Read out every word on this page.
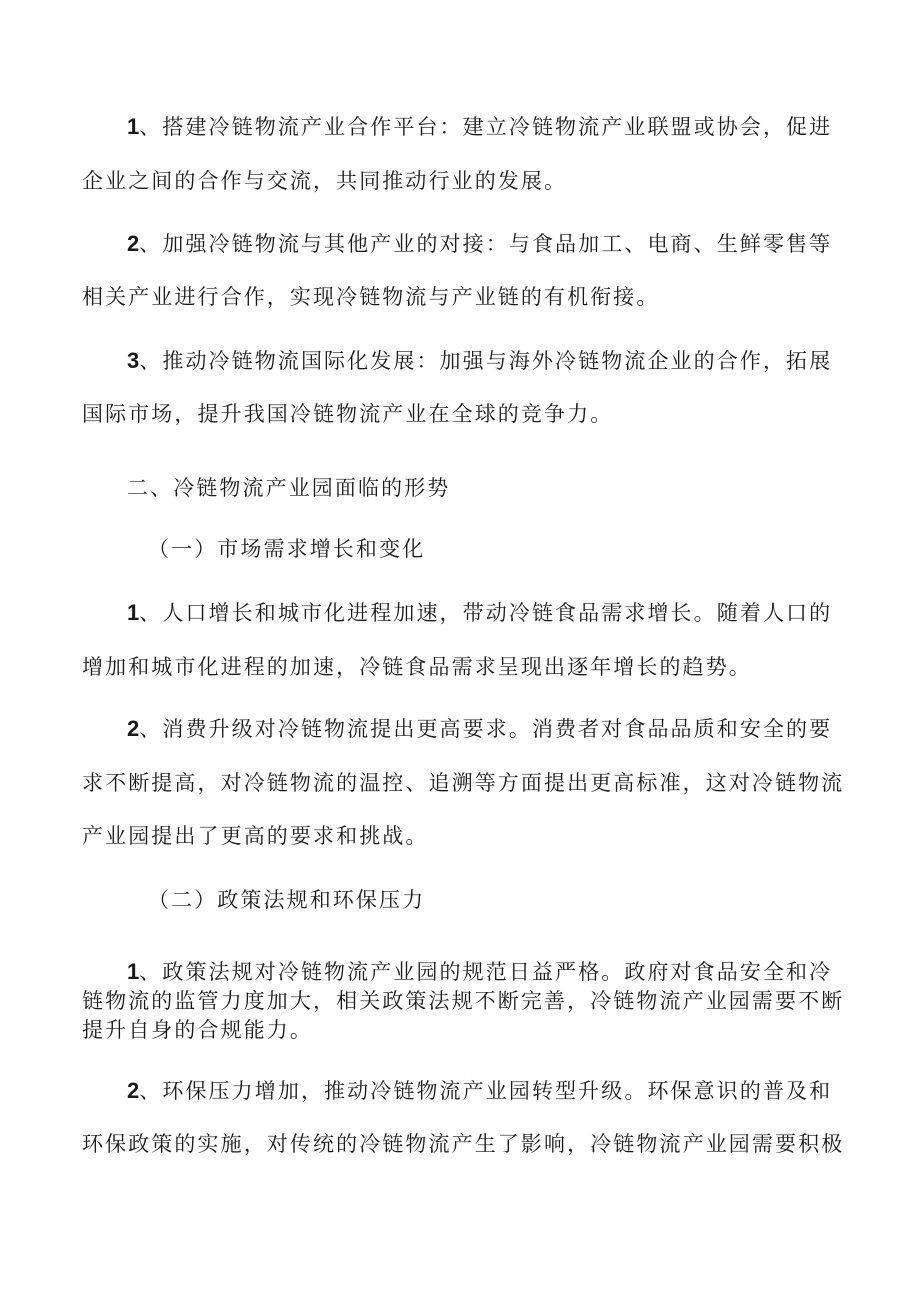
1、搭建冷链物流产业合作平台：建立冷链物流产业联盟或协会，促进
企业之间的合作与交流，共同推动行业的发展。
2、加强冷链物流与其他产业的对接：与食品加工、电商、生鲜零售等
相关产业进行合作，实现冷链物流与产业链的有机衔接。
3、推动冷链物流国际化发展：加强与海外冷链物流企业的合作，拓展
国际市场，提升我国冷链物流产业在全球的竞争力。
二、冷链物流产业园面临的形势
（一）市场需求增长和变化
1、人口增长和城市化进程加速，带动冷链食品需求增长。随着人口的
增加和城市化进程的加速，冷链食品需求呈现出逐年增长的趋势。
2、消费升级对冷链物流提出更高要求。消费者对食品品质和安全的要
求不断提高，对冷链物流的温控、追溯等方面提出更高标准，这对冷链物流
产业园提出了更高的要求和挑战。
（二）政策法规和环保压力
1、政策法规对冷链物流产业园的规范日益严格。政府对食品安全和冷
链物流的监管力度加大，相关政策法规不断完善，冷链物流产业园需要不断
提升自身的合规能力。
2、环保压力增加，推动冷链物流产业园转型升级。环保意识的普及和
环保政策的实施，对传统的冷链物流产生了影响，冷链物流产业园需要积极
